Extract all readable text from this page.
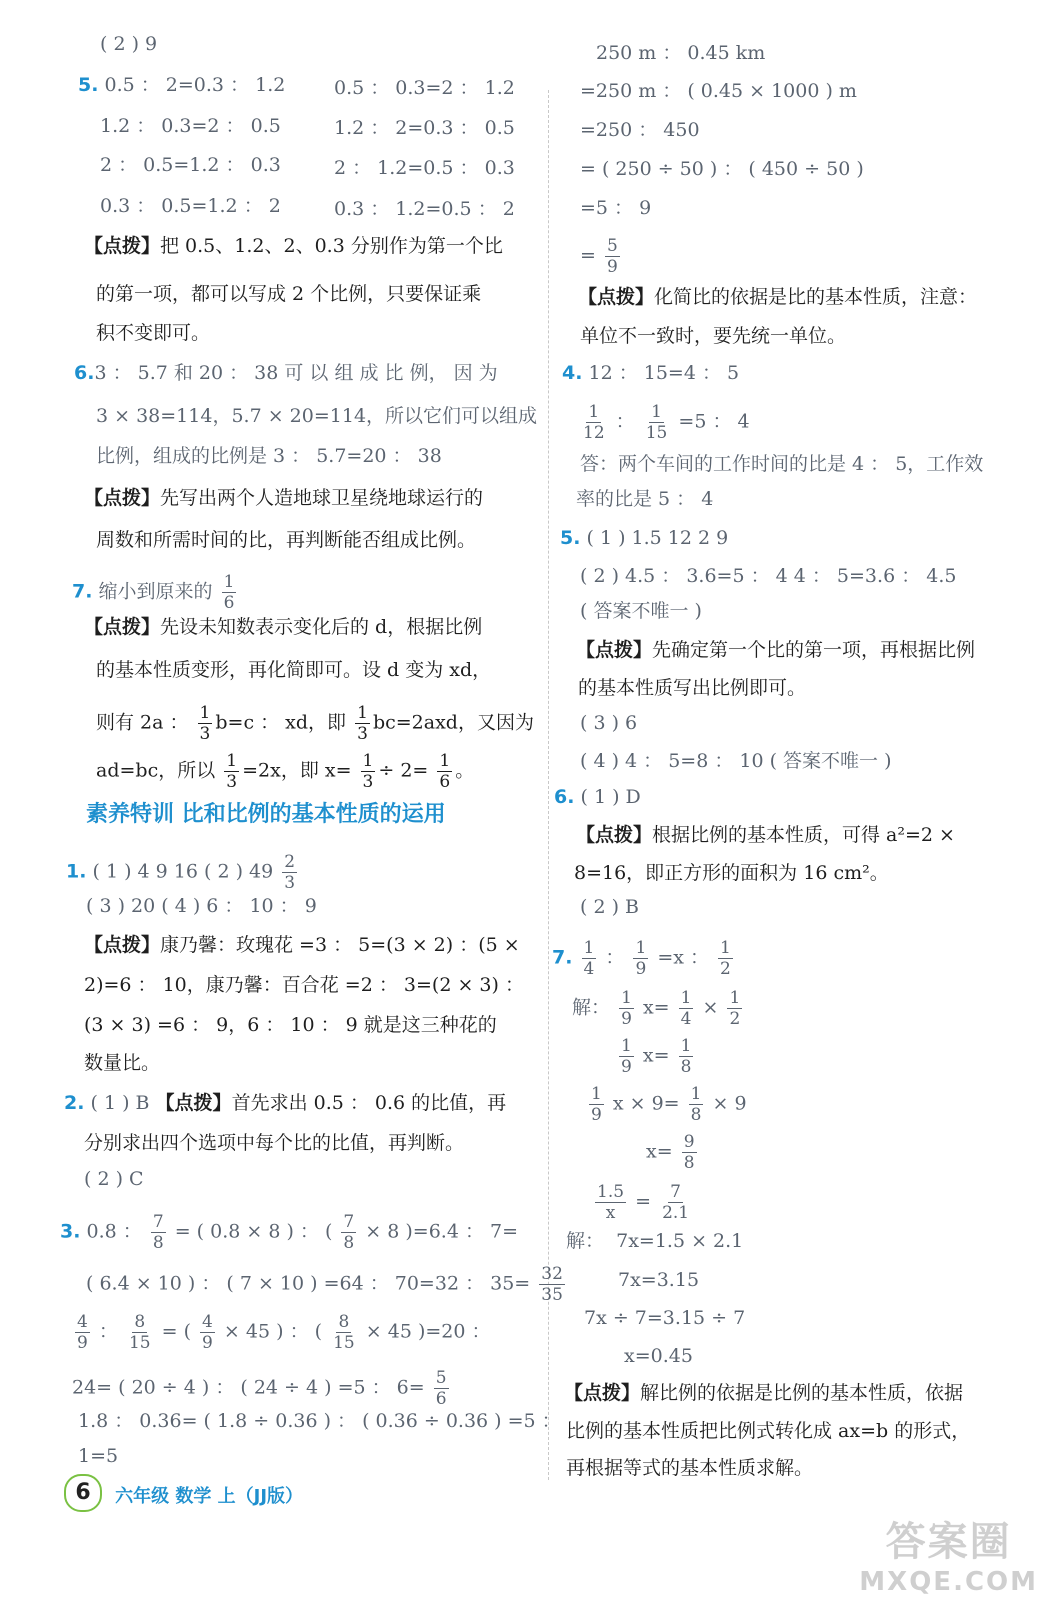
( 2 ) 9
5. 0.5 ： 2=0.3 ： 1.2	0.5 ： 0.3=2 ： 1.2
1.2 ： 0.3=2 ： 0.5	1.2 ： 2=0.3 ： 0.5
2 ： 0.5=1.2 ： 0.3	2 ： 1.2=0.5 ： 0.3
0.3 ： 0.5=1.2 ： 2	0.3 ： 1.2=0.5 ： 2
【点拨】把 0.5、1.2、2、0.3 分别作为第一个比
的第一项，都可以写成 2 个比例，只要保证乘
积不变即可。
6.3 ： 5.7 和 20 ： 38 可 以 组 成 比 例， 因 为
3 × 38=114，5.7 × 20=114，所以它们可以组成
比例，组成的比例是 3 ： 5.7=20 ： 38
【点拨】先写出两个人造地球卫星绕地球运行的
周数和所需时间的比，再判断能否组成比例。
7. 缩小到原来的 $\frac{1}{6}$
【点拨】先设未知数表示变化后的 d，根据比例
的基本性质变形，再化简即可。设 d 变为 xd，
则有 2a ： $\frac{1}{3} b=c$ ： xd，即 $\frac{1}{3} bc=2axd$，又因为
ad=bc，所以 $\frac{1}{3} =2x$，即 $x= \frac{1}{3} \div 2= \frac{1}{6}$ 。
素养特训 比和比例的基本性质的运用
1. ( 1 ) 4 9 16 ( 2 ) $49 \frac{2}{3}$
( 3 ) 20 ( 4 ) 6 ： 10 ： 9
【点拨】康乃馨：玫瑰花 =3 ： 5=(3 × 2) ：(5 ×
2)=6 ： 10，康乃馨：百合花 =2 ： 3=(2 × 3) ：
(3 × 3) =6 ： 9，6 ： 10 ： 9 就是这三种花的
数量比。
2. ( 1 ) B 【点拨】首先求出 0.5 ： 0.6 的比值，再
分别求出四个选项中每个比的比值，再判断。
( 2 ) C
3. 0.8 ： $\frac{7}{8}$ = ( 0.8 × 8 ) ： ( $\frac{7}{8} \times 8$ )=6.4 ： 7=
( 6.4 × 10 ) ： ( 7 × 10 ) =64 ： 70=32 ： $35= \frac{32}{35}$
$\frac{4}{9}$ ： $\frac{8}{15}$ = ( $\frac{4}{9} \times 45$ ) ： ( $\frac{8}{15} \times 45$ )=20 ：
24= ( 20 ÷ 4 ) ： ( 24 ÷ 4 ) =5 ： $6= \frac{5}{6}$
1.8 ： 0.36= ( 1.8 ÷ 0.36 ) ： ( 0.36 ÷ 0.36 ) =5 ：
1=5
250 m ： 0.45 km
=250 m ： ( 0.45 × 1000 ) m
=250 ： 450
= ( 250 ÷ 50 ) ： ( 450 ÷ 50 )
=5 ： 9
= $\frac{5}{9}$
【点拨】化简比的依据是比的基本性质，注意：
单位不一致时，要先统一单位。
4. 12 ： 15=4 ： 5
$\frac{1}{12}$ ： $\frac{1}{15} =5$ ： 4
答：两个车间的工作时间的比是 4 ： 5，工作效
率的比是 5 ： 4
5. ( 1 ) 1.5 12 2 9
( 2 ) 4.5 ： 3.6=5 ： 4 4 ： 5=3.6 ： 4.5
( 答案不唯一 )
【点拨】先确定第一个比的第一项，再根据比例
的基本性质写出比例即可。
( 3 ) 6
( 4 ) 4 ： 5=8 ： 10 ( 答案不唯一 )
6. ( 1 ) D
【点拨】根据比例的基本性质，可得 a²=2 ×
8=16，即正方形的面积为 16 cm²。
( 2 ) B
7. $\frac{1}{4}$ ： $\frac{1}{9} =x$ ： $\frac{1}{2}$
解： $\frac{1}{9} x= \frac{1}{4} \times \frac{1}{2}$
$\frac{1}{9} x= \frac{1}{8}$
$\frac{1}{9}$ $x \times 9= \frac{1}{8} \times 9$
$x= \frac{9}{8}$
$\frac{1.5}{x} = \frac{7}{2.1}$
解： 7x=1.5 × 2.1
7x=3.15
7x ÷ 7=3.15 ÷ 7
x=0.45
【点拨】解比例的依据是比例的基本性质，依据
比例的基本性质把比例式转化成 ax=b 的形式，
再根据等式的基本性质求解。
6 六年级 数学 上（JJ版）
答案圈
MXQE.COM
